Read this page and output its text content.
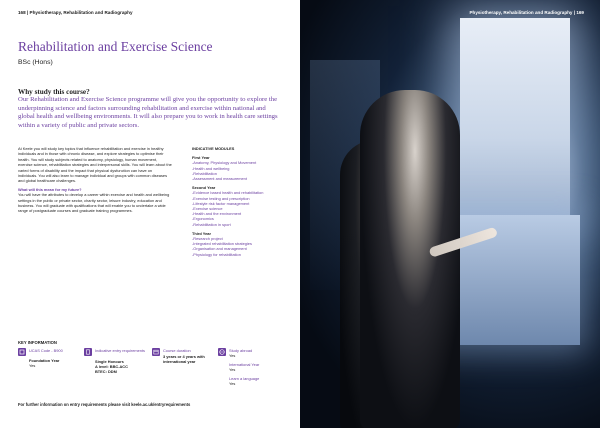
168 | Physiotherapy, Rehabilitation and Radiography
Rehabilitation and Exercise Science
BSc (Hons)
Why study this course?

Our Rehabilitation and Exercise Science programme will give you the opportunity to explore the underpinning science and factors surrounding rehabilitation and exercise within national and global health and wellbeing environments. It will also prepare you to work in health care settings within a variety of public and private sectors.

At Keele you will study key topics that influence rehabilitation and exercise in healthy individuals and in those with chronic disease, and explore strategies to optimise their health. You will study subjects related to anatomy, physiology, human movement, exercise science, rehabilitation strategies and interpersonal skills. You will learn about the varied forms of disability and the impact that physical dysfunction can have on individuals. You will also learn to manage individual and groups with common diseases and global healthcare challenges.

What will this mean for my future?

You will have the attributes to develop a career within exercise and health and wellbeing settings in the public or private sector, charity sector, leisure industry, education and business. You will graduate with qualifications that will enable you to undertake a wide range of postgraduate courses and graduate training programmes.

INDICATIVE MODULES
First Year
-Anatomy, Physiology and Movement
-Health and wellbeing
-Rehabilitation
-Assessment and measurement
Second Year
-Evidence based health and rehabilitation
-Exercise testing and prescription
-Lifestyle risk factor management
-Exercise science
-Health and the environment
-Ergonomics
-Rehabilitation in sport
Third Year
-Research project
-Integrated rehabilitation strategies
-Organisation and management
-Physiology for rehabilitation
KEY INFORMATION
UCAS Code - B900
Foundation Year
Yes
Indicative entry requirements
Single Honours
A level: BBC-ACC
BTEC: DDM
Course duration
3 years or 4 years with international year
Study abroad
Yes
International Year
Yes
Learn a language
Yes
For further information on entry requirements please visit keele.ac.uk/entryrequirements
Physiotherapy, Rehabilitation and Radiography | 169
